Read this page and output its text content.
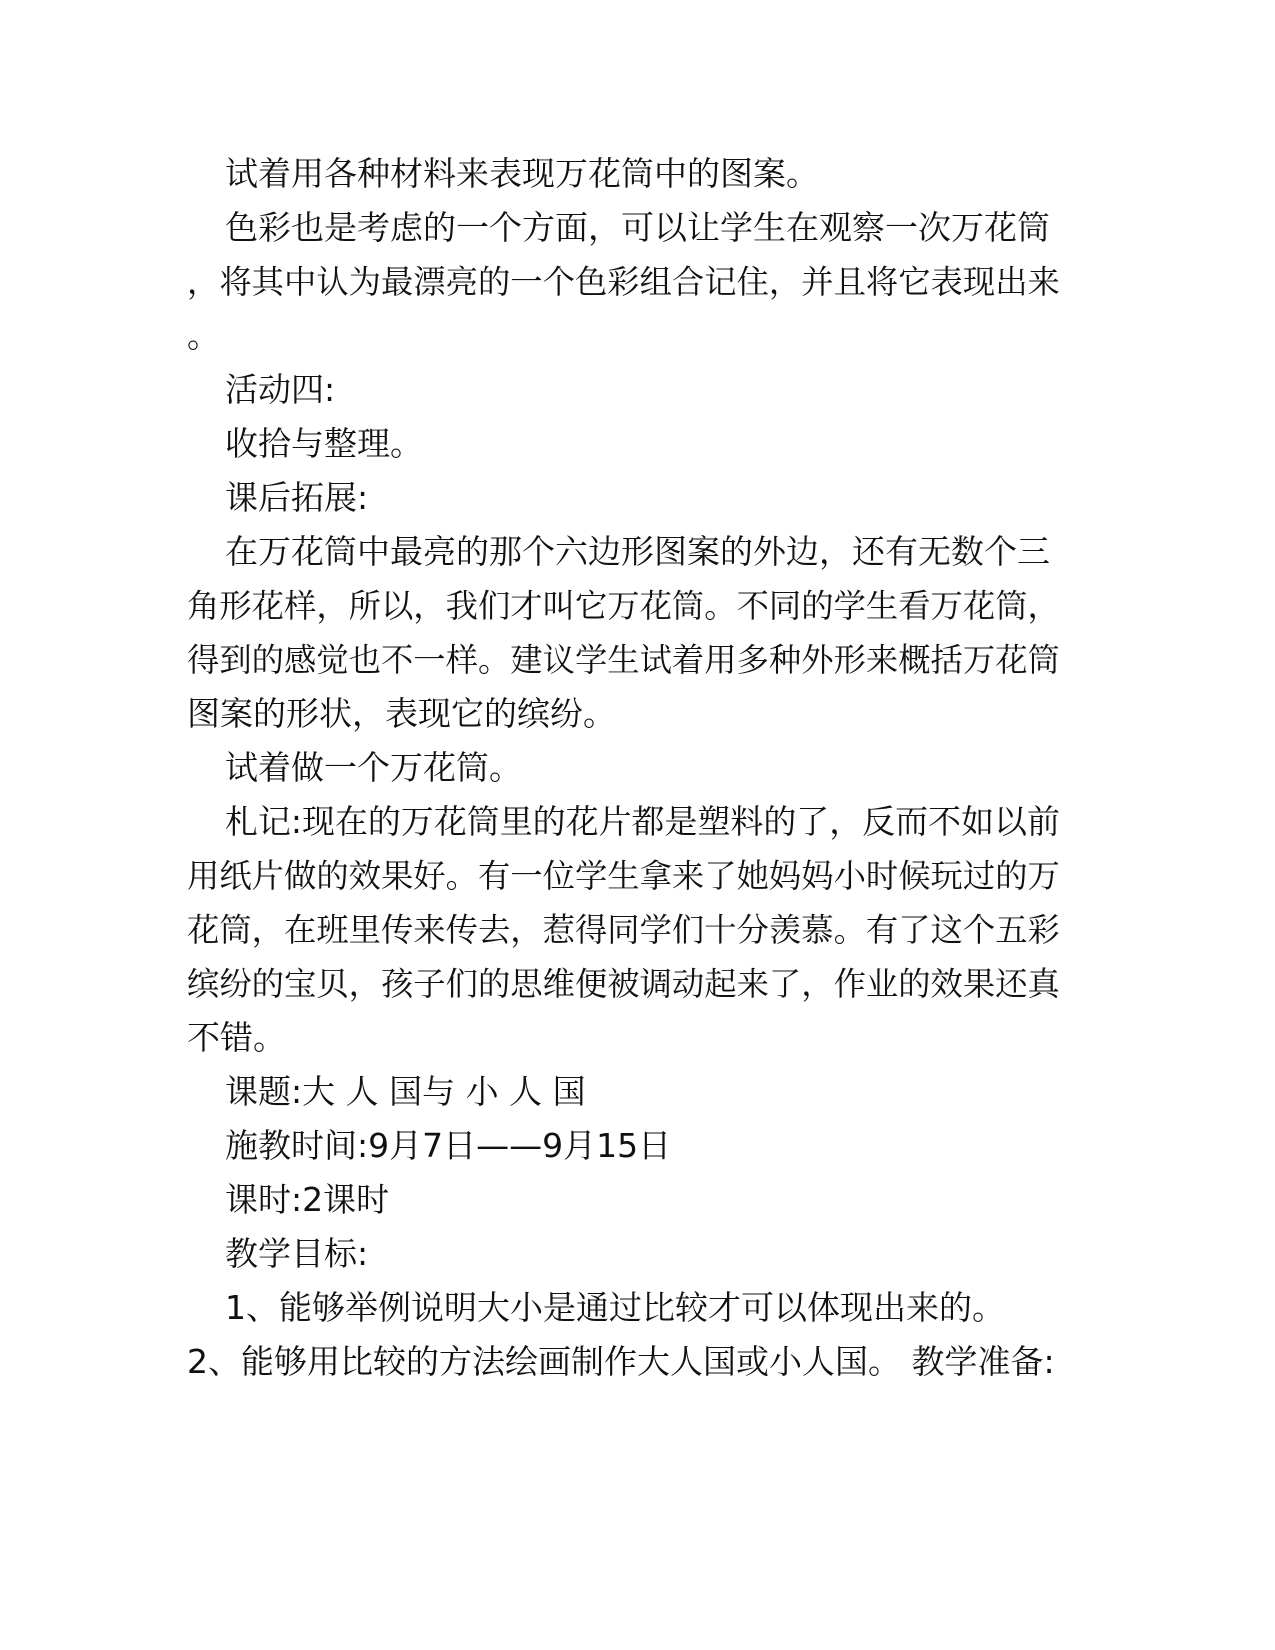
试着用各种材料来表现万花筒中的图案。
色彩也是考虑的一个方面，可以让学生在观察一次万花筒
，将其中认为最漂亮的一个色彩组合记住，并且将它表现出来
。
活动四:
收拾与整理。
课后拓展:
在万花筒中最亮的那个六边形图案的外边，还有无数个三
角形花样，所以，我们才叫它万花筒。不同的学生看万花筒，
得到的感觉也不一样。建议学生试着用多种外形来概括万花筒
图案的形状，表现它的缤纷。
试着做一个万花筒。
札记:现在的万花筒里的花片都是塑料的了，反而不如以前
用纸片做的效果好。有一位学生拿来了她妈妈小时候玩过的万
花筒，在班里传来传去，惹得同学们十分羡慕。有了这个五彩
缤纷的宝贝，孩子们的思维便被调动起来了，作业的效果还真
不错。
课题:大 人 国与 小 人 国
施教时间:9月7日——9月15日
课时:2课时
教学目标:
1、能够举例说明大小是通过比较才可以体现出来的。
2、能够用比较的方法绘画制作大人国或小人国。 教学准备:
